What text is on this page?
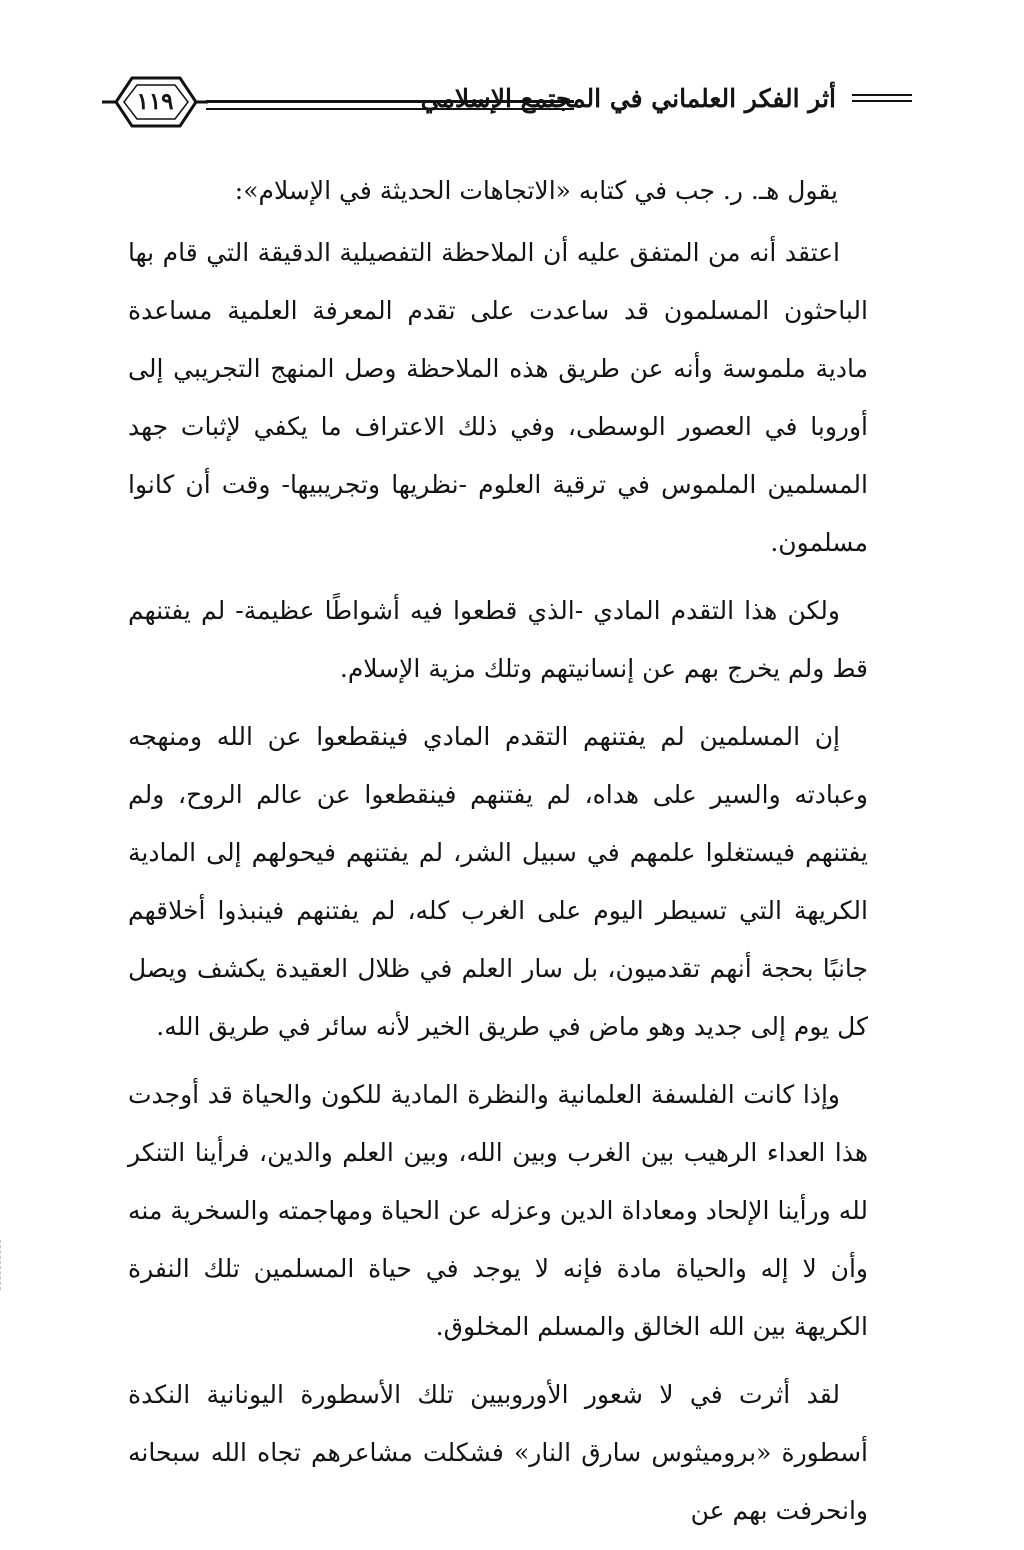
أثر الفكر العلماني في المجتمع الإسلامي
١١٩

يقول هـ. ر. جب في كتابه «الاتجاهات الحديثة في الإسلام»:

اعتقد أنه من المتفق عليه أن الملاحظة التفصيلية الدقيقة التي قام بها الباحثون المسلمون قد ساعدت على تقدم المعرفة العلمية مساعدة مادية ملموسة وأنه عن طريق هذه الملاحظة وصل المنهج التجريبي إلى أوروبا في العصور الوسطى، وفي ذلك الاعتراف ما يكفي لإثبات جهد المسلمين الملموس في ترقية العلوم -نظريها وتجريبيها- وقت أن كانوا مسلمون.

ولكن هذا التقدم المادي -الذي قطعوا فيه أشواطًا عظيمة- لم يفتنهم قط ولم يخرج بهم عن إنسانيتهم وتلك مزية الإسلام.

إن المسلمين لم يفتنهم التقدم المادي فينقطعوا عن الله ومنهجه وعبادته والسير على هداه، لم يفتنهم فينقطعوا عن عالم الروح، ولم يفتنهم فيستغلوا علمهم في سبيل الشر، لم يفتنهم فيحولهم إلى المادية الكريهة التي تسيطر اليوم على الغرب كله، لم يفتنهم فينبذوا أخلاقهم جانبًا بحجة أنهم تقدميون، بل سار العلم في ظلال العقيدة يكشف ويصل كل يوم إلى جديد وهو ماض في طريق الخير لأنه سائر في طريق الله.

وإذا كانت الفلسفة العلمانية والنظرة المادية للكون والحياة قد أوجدت هذا العداء الرهيب بين الغرب وبين الله، وبين العلم والدين، فرأينا التنكر لله ورأينا الإلحاد ومعاداة الدين وعزله عن الحياة ومهاجمته والسخرية منه وأن لا إله والحياة مادة فإنه لا يوجد في حياة المسلمين تلك النفرة الكريهة بين الله الخالق والمسلم المخلوق.

لقد أثرت في لا شعور الأوروبيين تلك الأسطورة اليونانية النكدة أسطورة «بروميثوس سارق النار» فشكلت مشاعرهم تجاه الله سبحانه وانحرفت بهم عن
